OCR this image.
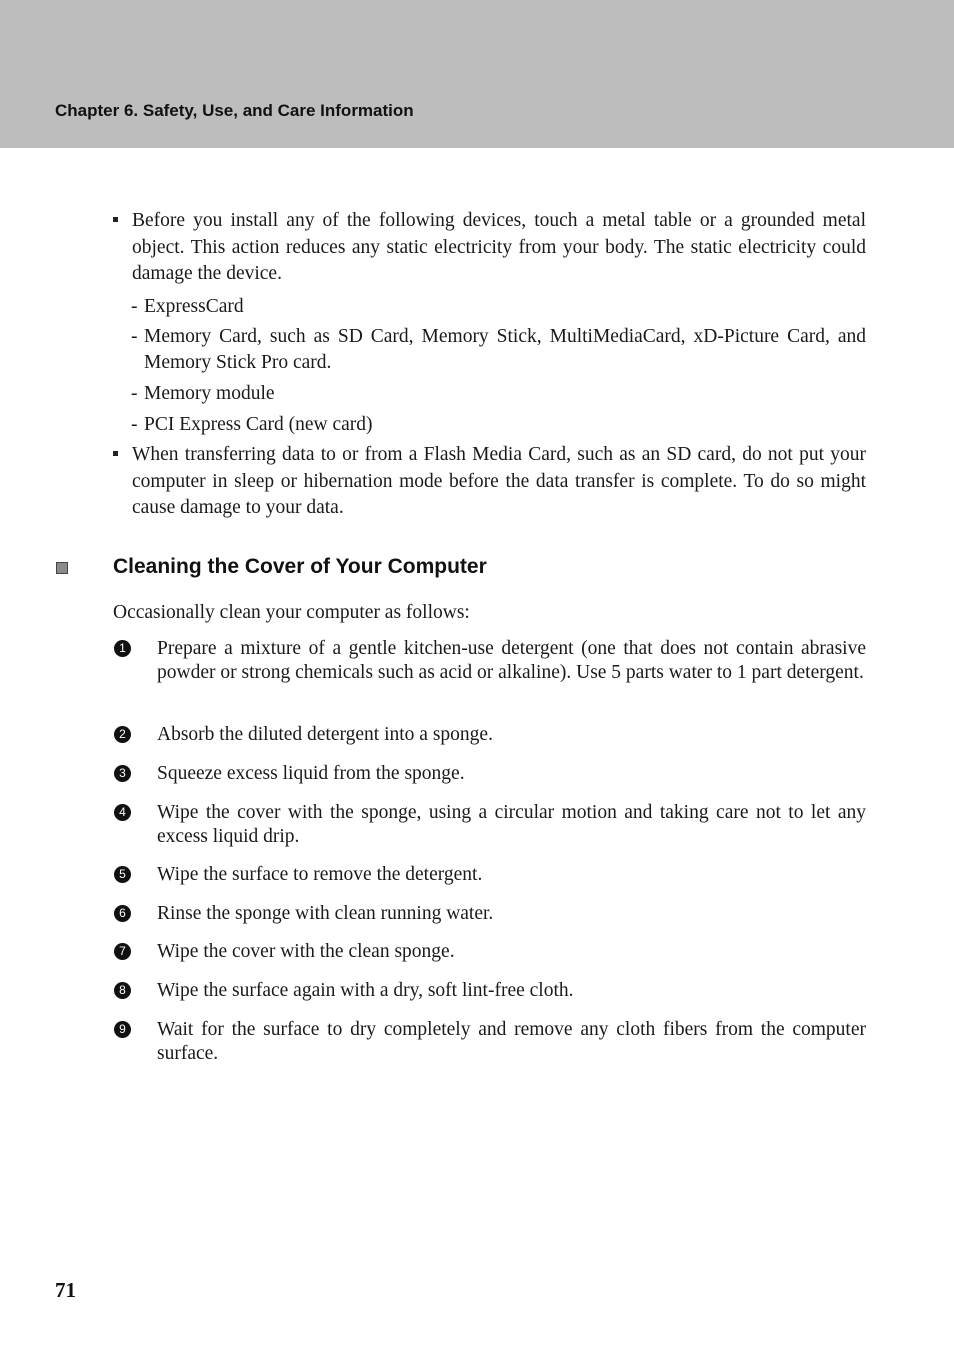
Chapter 6. Safety, Use, and Care Information
Before you install any of the following devices, touch a metal table or a grounded metal object. This action reduces any static electricity from your body. The static electricity could damage the device.
- ExpressCard
- Memory Card, such as SD Card, Memory Stick, MultiMediaCard, xD-Picture Card, and Memory Stick Pro card.
- Memory module
- PCI Express Card (new card)
When transferring data to or from a Flash Media Card, such as an SD card, do not put your computer in sleep or hibernation mode before the data transfer is complete. To do so might cause damage to your data.
Cleaning the Cover of Your Computer
Occasionally clean your computer as follows:
1 Prepare a mixture of a gentle kitchen-use detergent (one that does not contain abrasive powder or strong chemicals such as acid or alkaline). Use 5 parts water to 1 part detergent.
2 Absorb the diluted detergent into a sponge.
3 Squeeze excess liquid from the sponge.
4 Wipe the cover with the sponge, using a circular motion and taking care not to let any excess liquid drip.
5 Wipe the surface to remove the detergent.
6 Rinse the sponge with clean running water.
7 Wipe the cover with the clean sponge.
8 Wipe the surface again with a dry, soft lint-free cloth.
9 Wait for the surface to dry completely and remove any cloth fibers from the computer surface.
71
